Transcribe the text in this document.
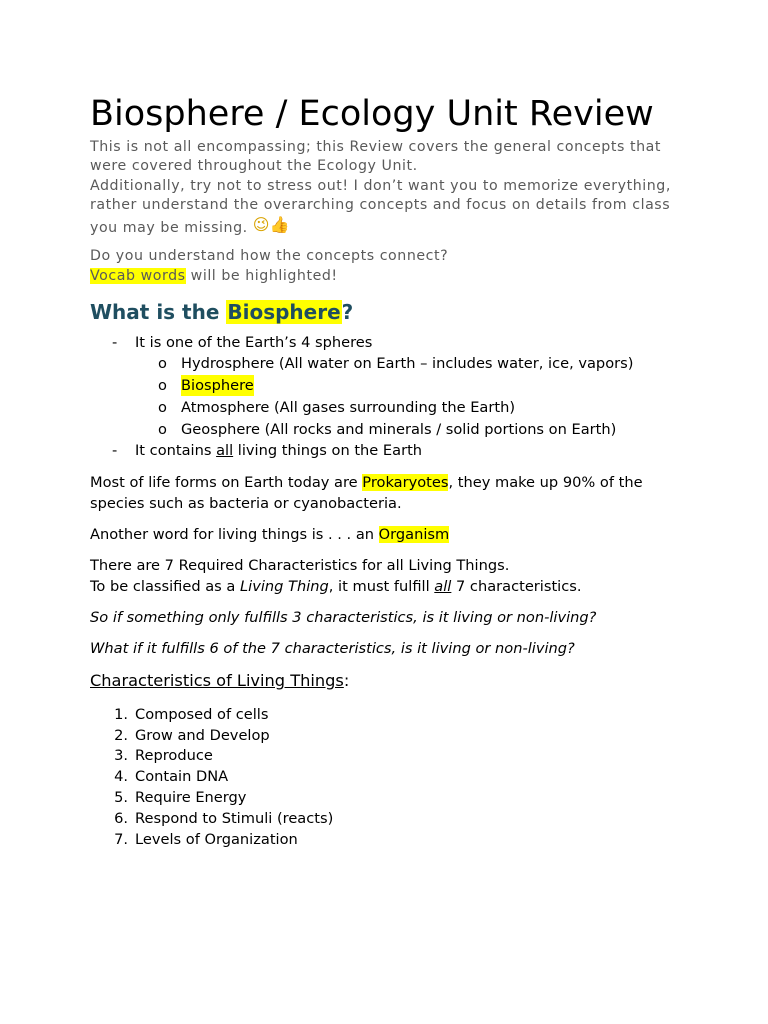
Biosphere / Ecology Unit Review
This is not all encompassing; this Review covers the general concepts that were covered throughout the Ecology Unit.
Additionally, try not to stress out! I don’t want you to memorize everything, rather understand the overarching concepts and focus on details from class you may be missing. 😉👍
Do you understand how the concepts connect?
Vocab words will be highlighted!
What is the Biosphere?
- It is one of the Earth’s 4 spheres
o Hydrosphere (All water on Earth – includes water, ice, vapors)
o Biosphere
o Atmosphere (All gases surrounding the Earth)
o Geosphere (All rocks and minerals / solid portions on Earth)
- It contains all living things on the Earth
Most of life forms on Earth today are Prokaryotes, they make up 90% of the
species such as bacteria or cyanobacteria.
Another word for living things is . . . an Organism
There are 7 Required Characteristics for all Living Things.
To be classified as a Living Thing, it must fulfill all 7 characteristics.
So if something only fulfills 3 characteristics, is it living or non-living?
What if it fulfills 6 of the 7 characteristics, is it living or non-living?
Characteristics of Living Things:
1. Composed of cells
2. Grow and Develop
3. Reproduce
4. Contain DNA
5. Require Energy
6. Respond to Stimuli (reacts)
7. Levels of Organization
